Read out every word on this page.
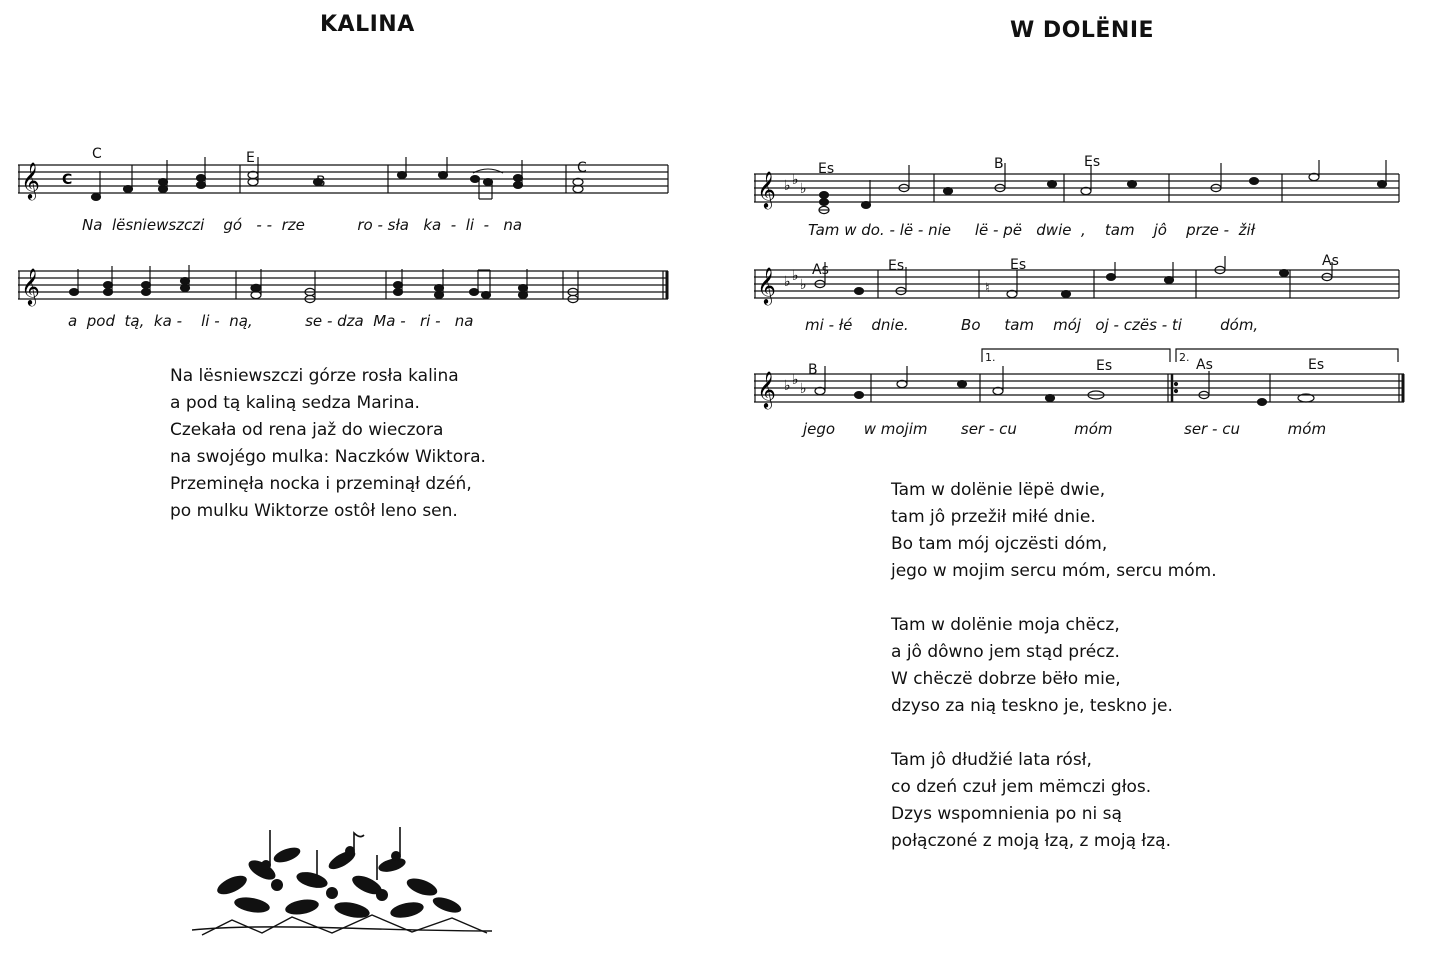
KALINA
𝄞 C	B
C	E
C
Na lësniewszczi gó - - rze	ro - sła ka - li - na
𝄞
a pod tą, ka - li - ną,	se - dza Ma - ri - na
Na lësniewszczi górze rosła kalina
a pod tą kaliną sedza Marina.
Czekała od rena jaž do wieczora
na swojégo mulka: Naczków Wiktora.
Przeminęła nocka i przeminął dzéń,
po mulku Wiktorze ostôł leno sen.
W DOLËNIE
𝄞 ♭ ♭
♭
Es	B	Es
Tam w do. - lë - nie lë - pë dwie , tam jô prze - žił
𝄞 ♭ ♭
♭	♮
As	Es	Es	As
mi - łé dnie.	Bo tam mój oj - czës - ti	dóm,
1.	2.
𝄞 ♭ ♭
♭
B	Es	As	Es
jego w mojim ser - cu	móm	ser - cu	móm
Tam w dolënie lëpë dwie,
tam jô przežił miłé dnie.
Bo tam mój ojczësti dóm,
jego w mojim sercu móm, sercu móm.
Tam w dolënie moja chëcz,
a jô dôwno jem stąd précz.
W chëczë dobrze bëło mie,
dzyso za nią teskno je, teskno je.
Tam jô dłudžié lata rósł,
co dzeń czuł jem mëmczi głos.
Dzys wspomnienia po ni są
połączoné z moją łzą, z moją łzą.
